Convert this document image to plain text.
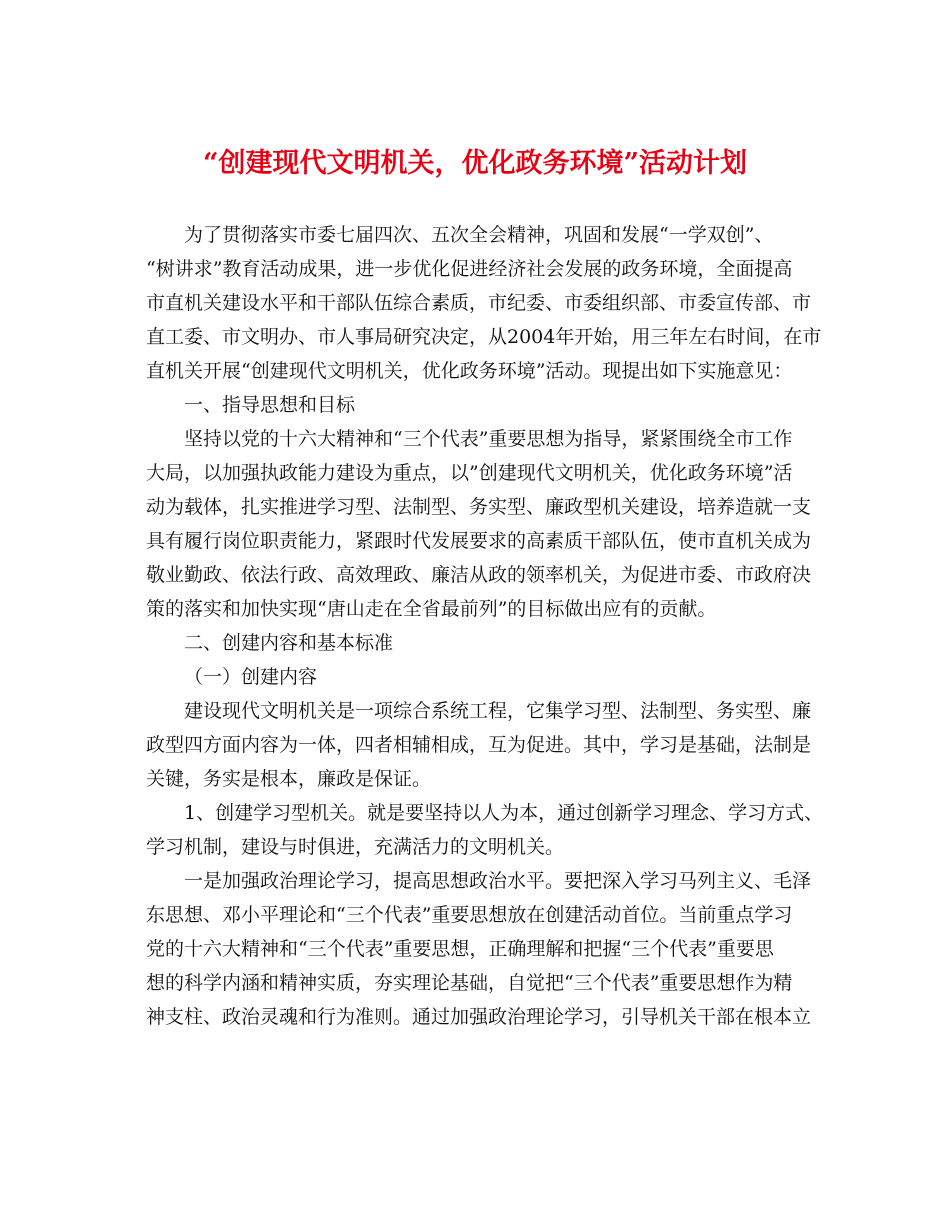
“创建现代文明机关，优化政务环境”活动计划

为了贯彻落实市委七届四次、五次全会精神，巩固和发展“一学双创”、
“树讲求”教育活动成果，进一步优化促进经济社会发展的政务环境，全面提高
市直机关建设水平和干部队伍综合素质，市纪委、市委组织部、市委宣传部、市
直工委、市文明办、市人事局研究决定，从2004年开始，用三年左右时间，在市
直机关开展“创建现代文明机关，优化政务环境”活动。现提出如下实施意见：

一、指导思想和目标

坚持以党的十六大精神和“三个代表”重要思想为指导，紧紧围绕全市工作
大局，以加强执政能力建设为重点，以”创建现代文明机关，优化政务环境”活
动为载体，扎实推进学习型、法制型、务实型、廉政型机关建设，培养造就一支
具有履行岗位职责能力，紧跟时代发展要求的高素质干部队伍，使市直机关成为
敬业勤政、依法行政、高效理政、廉洁从政的领率机关，为促进市委、市政府决
策的落实和加快实现“唐山走在全省最前列”的目标做出应有的贡献。

二、创建内容和基本标准

（一）创建内容

建设现代文明机关是一项综合系统工程，它集学习型、法制型、务实型、廉
政型四方面内容为一体，四者相辅相成，互为促进。其中，学习是基础，法制是
关键，务实是根本，廉政是保证。

1、创建学习型机关。就是要坚持以人为本，通过创新学习理念、学习方式、
学习机制，建设与时俱进，充满活力的文明机关。

一是加强政治理论学习，提高思想政治水平。要把深入学习马列主义、毛泽
东思想、邓小平理论和“三个代表”重要思想放在创建活动首位。当前重点学习
党的十六大精神和“三个代表”重要思想，正确理解和把握“三个代表”重要思
想的科学内涵和精神实质，夯实理论基础，自觉把“三个代表”重要思想作为精
神支柱、政治灵魂和行为准则。通过加强政治理论学习，引导机关干部在根本立
